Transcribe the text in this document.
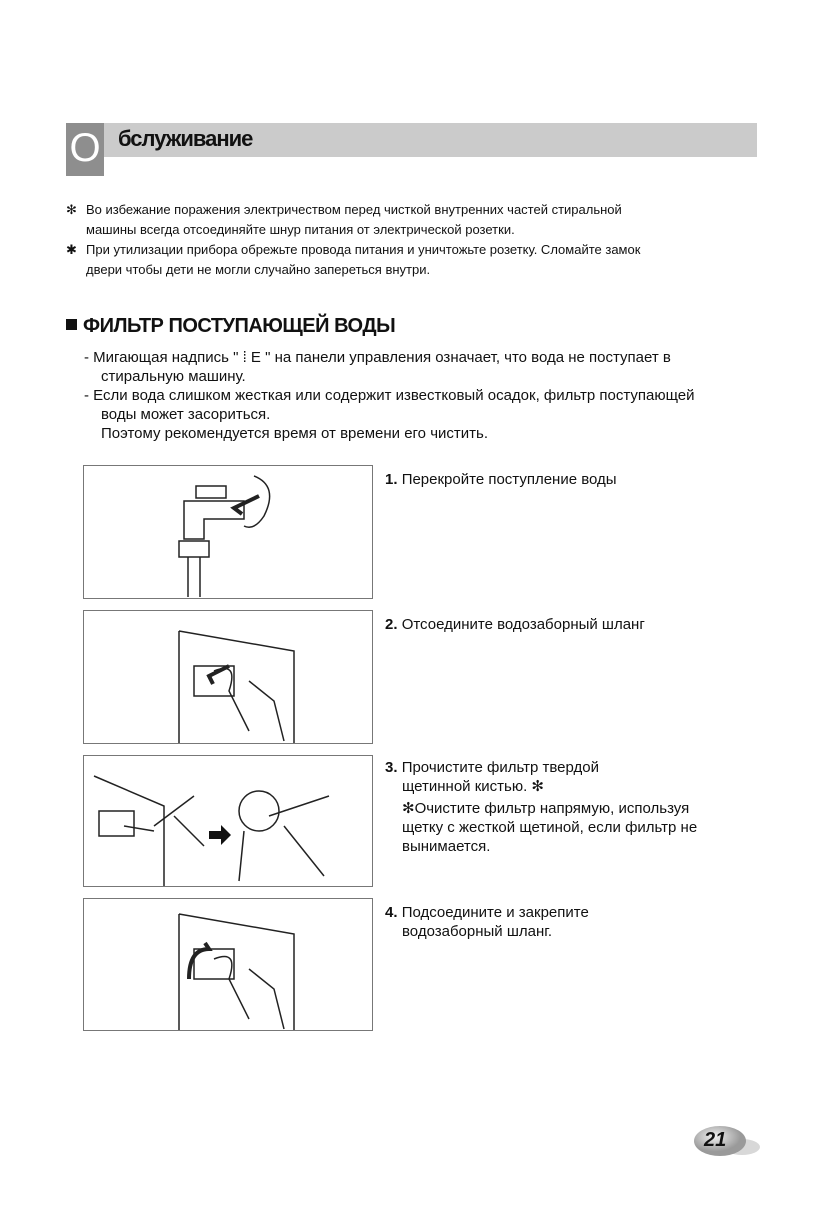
О бслуживание
✻ Во избежание поражения электричеством перед чисткой внутренних частей стиральной
машины всегда отсоединяйте шнур питания от электрической розетки.
✱ При утилизации прибора обрежьте провода питания и уничтожьте розетку. Сломайте замок
двери чтобы дети не могли случайно запереться внутри.
ФИЛЬТР ПОСТУПАЮЩЕЙ ВОДЫ
- Мигающая надпись " ⁞ Ε " на панели управления означает, что вода не поступает в стиральную машину.
- Если вода слишком жесткая или содержит известковый осадок, фильтр поступающей воды может засориться.
Поэтому рекомендуется время от времени его чистить.
1. Перекройте поступление воды
2. Отсоедините водозаборный шланг
3. Прочистите фильтр твердой щетинной кистью. ✻
✻Очистите фильтр напрямую, используя щетку с жесткой щетиной, если фильтр не вынимается.
4. Подсоедините и закрепите водозаборный шланг.
21
